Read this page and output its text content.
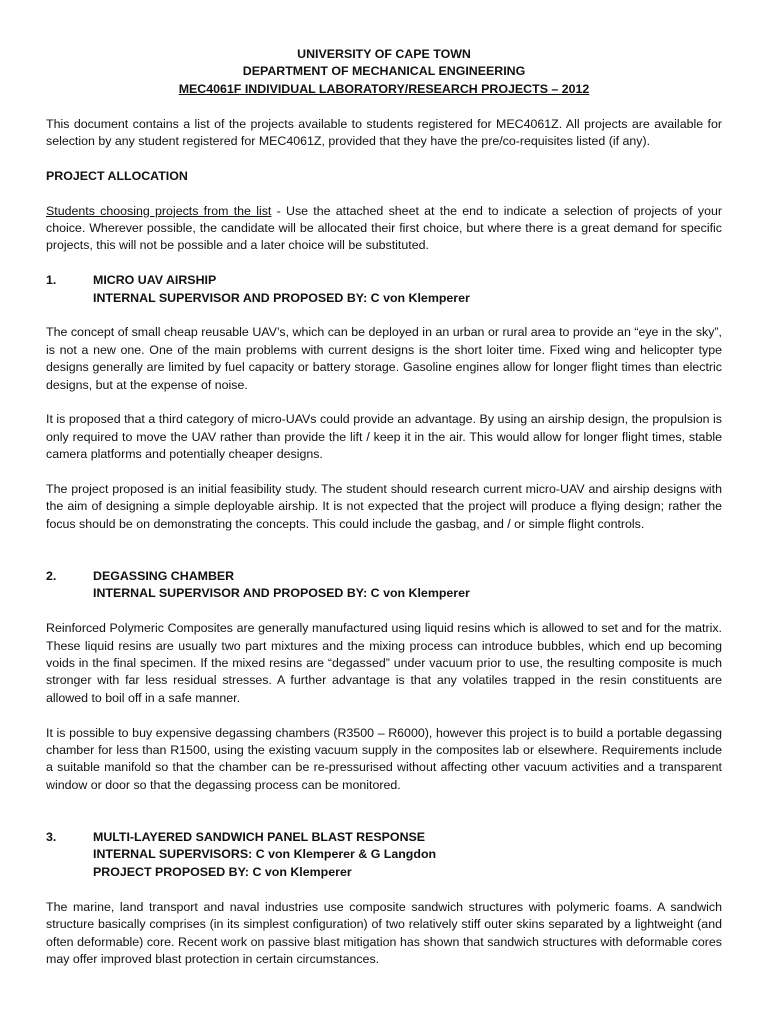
UNIVERSITY OF CAPE TOWN
DEPARTMENT OF MECHANICAL ENGINEERING
MEC4061F INDIVIDUAL LABORATORY/RESEARCH PROJECTS – 2012

This document contains a list of the projects available to students registered for MEC4061Z. All projects are available for selection by any student registered for MEC4061Z, provided that they have the pre/co-requisites listed (if any).

PROJECT ALLOCATION

Students choosing projects from the list - Use the attached sheet at the end to indicate a selection of projects of your choice. Wherever possible, the candidate will be allocated their first choice, but where there is a great demand for specific projects, this will not be possible and a later choice will be substituted.

1.	MICRO UAV AIRSHIP
INTERNAL SUPERVISOR AND PROPOSED BY: C von Klemperer

The concept of small cheap reusable UAV’s, which can be deployed in an urban or rural area to provide an “eye in the sky”, is not a new one. One of the main problems with current designs is the short loiter time. Fixed wing and helicopter type designs generally are limited by fuel capacity or battery storage. Gasoline engines allow for longer flight times than electric designs, but at the expense of noise.

It is proposed that a third category of micro-UAVs could provide an advantage. By using an airship design, the propulsion is only required to move the UAV rather than provide the lift / keep it in the air. This would allow for longer flight times, stable camera platforms and potentially cheaper designs.

The project proposed is an initial feasibility study. The student should research current micro-UAV and airship designs with the aim of designing a simple deployable airship. It is not expected that the project will produce a flying design; rather the focus should be on demonstrating the concepts. This could include the gasbag, and / or simple flight controls.

2.	DEGASSING CHAMBER
INTERNAL SUPERVISOR AND PROPOSED BY: C von Klemperer

Reinforced Polymeric Composites are generally manufactured using liquid resins which is allowed to set and for the matrix. These liquid resins are usually two part mixtures and the mixing process can introduce bubbles, which end up becoming voids in the final specimen. If the mixed resins are “degassed” under vacuum prior to use, the resulting composite is much stronger with far less residual stresses. A further advantage is that any volatiles trapped in the resin constituents are allowed to boil off in a safe manner.

It is possible to buy expensive degassing chambers (R3500 – R6000), however this project is to build a portable degassing chamber for less than R1500, using the existing vacuum supply in the composites lab or elsewhere. Requirements include a suitable manifold so that the chamber can be re-pressurised without affecting other vacuum activities and a transparent window or door so that the degassing process can be monitored.

3.	MULTI-LAYERED SANDWICH PANEL BLAST RESPONSE
INTERNAL SUPERVISORS: C von Klemperer & G Langdon
PROJECT PROPOSED BY: C von Klemperer

The marine, land transport and naval industries use composite sandwich structures with polymeric foams. A sandwich structure basically comprises (in its simplest configuration) of two relatively stiff outer skins separated by a lightweight (and often deformable) core. Recent work on passive blast mitigation has shown that sandwich structures with deformable cores may offer improved blast protection in certain circumstances.
